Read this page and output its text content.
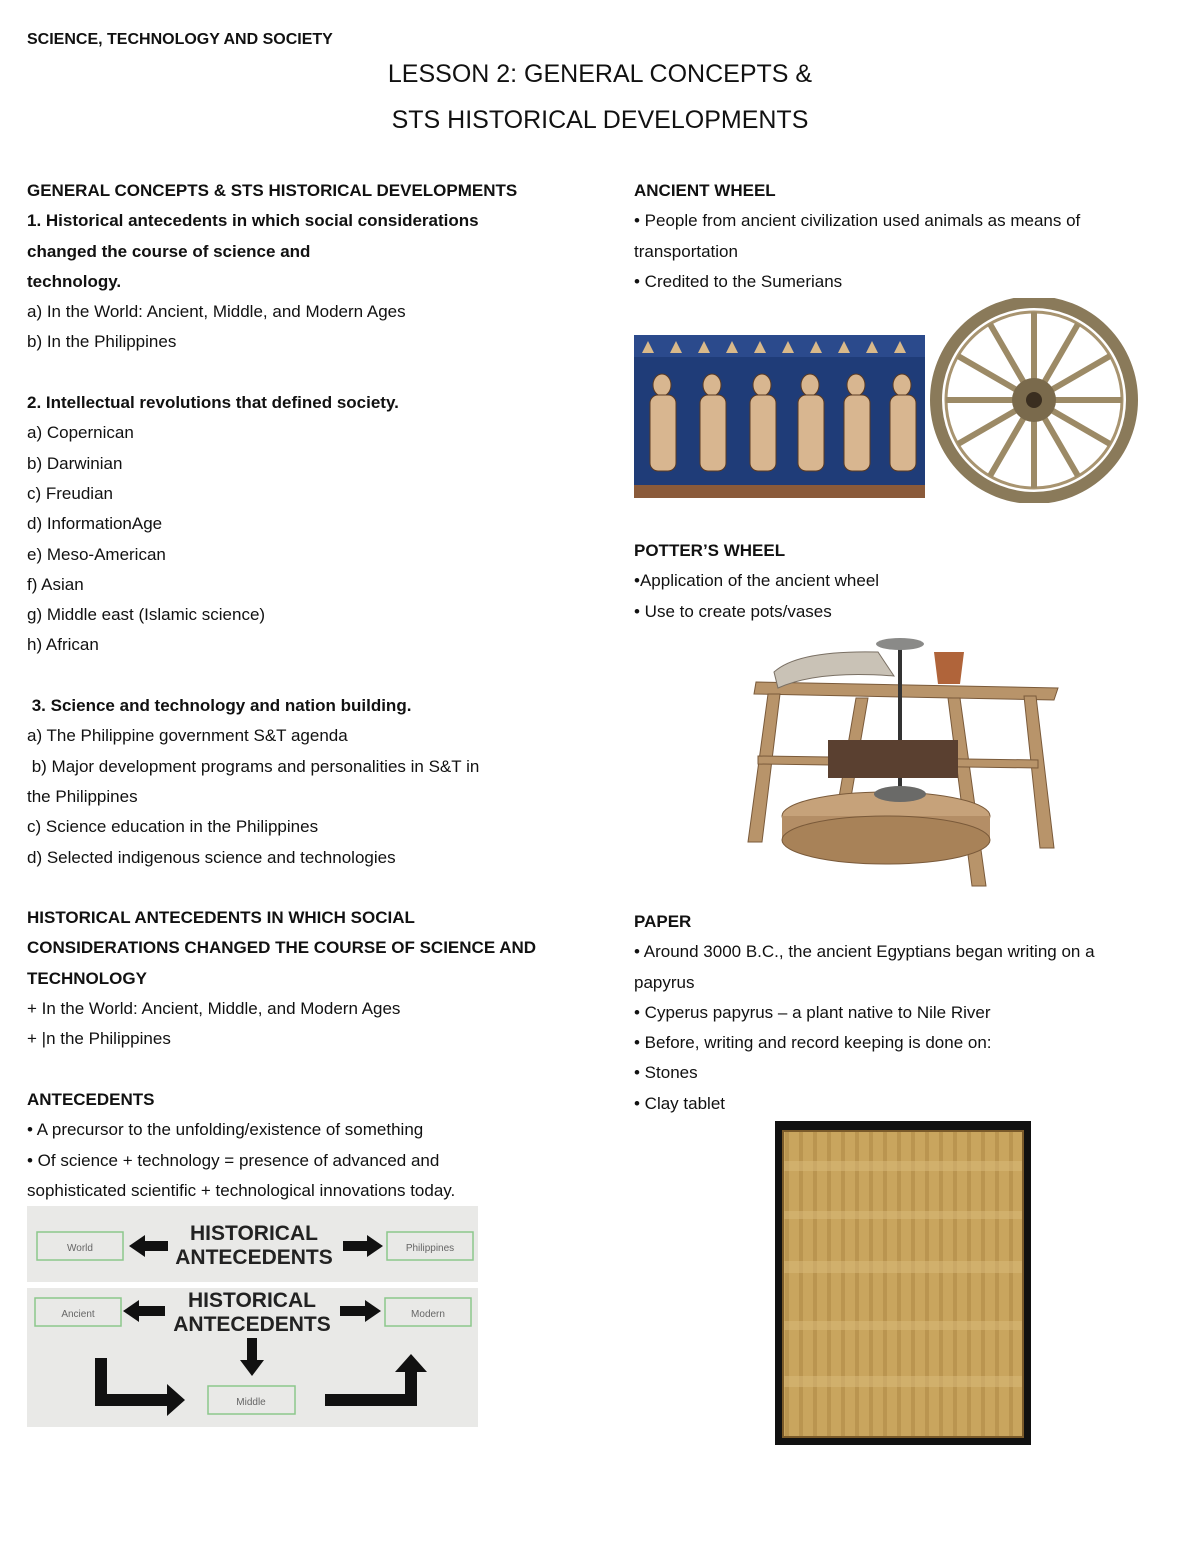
SCIENCE, TECHNOLOGY AND SOCIETY
LESSON 2: GENERAL CONCEPTS &
STS HISTORICAL DEVELOPMENTS
GENERAL CONCEPTS & STS HISTORICAL DEVELOPMENTS
1. Historical antecedents in which social considerations
changed the course of science and
technology.
a) In the World: Ancient, Middle, and Modern Ages
b) In the Philippines
2. Intellectual revolutions that defined society.
a) Copernican
b) Darwinian
c) Freudian
d) InformationAge
e) Meso-American
f) Asian
g) Middle east (Islamic science)
h) African
3. Science and technology and nation building.
a) The Philippine government S&T agenda
b) Major development programs and personalities in S&T in
the Philippines
c) Science education in the Philippines
d) Selected indigenous science and technologies
HISTORICAL ANTECEDENTS IN WHICH SOCIAL
CONSIDERATIONS CHANGED THE COURSE OF SCIENCE AND
TECHNOLOGY
+ In the World: Ancient, Middle, and Modern Ages
+ |n the Philippines
ANTECEDENTS
• A precursor to the unfolding/existence of something
• Of science + technology = presence of advanced and
sophisticated scientific + technological innovations today.
World	Philippines
HISTORICAL
ANTECEDENTS
Ancient	Modern
HISTORICAL
ANTECEDENTS
Middle
ANCIENT WHEEL
• People from ancient civilization used animals as means of
transportation
• Credited to the Sumerians
POTTER’S WHEEL
•Application of the ancient wheel
• Use to create pots/vases
PAPER
• Around 3000 B.C., the ancient Egyptians began writing on a
papyrus
• Cyperus papyrus – a plant native to Nile River
• Before, writing and record keeping is done on:
• Stones
• Clay tablet
